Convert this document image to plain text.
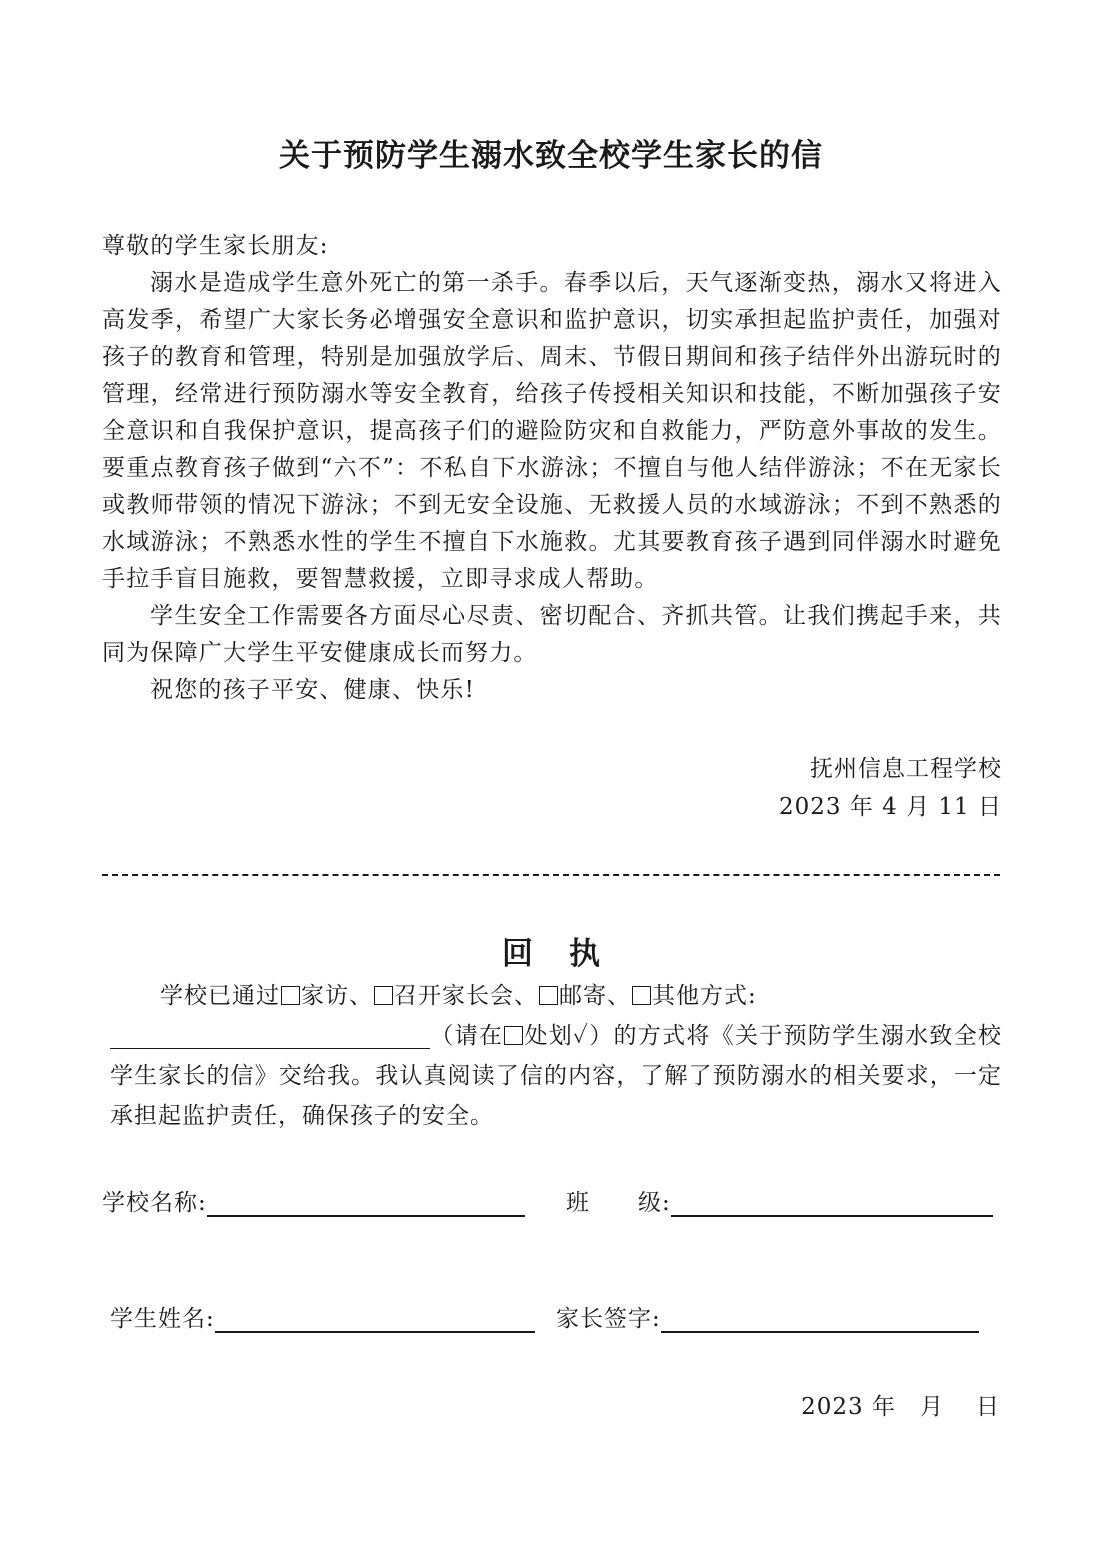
关于预防学生溺水致全校学生家长的信

尊敬的学生家长朋友:

溺水是造成学生意外死亡的第一杀手。春季以后，天气逐渐变热，溺水又将进入高发季，希望广大家长务必增强安全意识和监护意识，切实承担起监护责任，加强对孩子的教育和管理，特别是加强放学后、周末、节假日期间和孩子结伴外出游玩时的管理，经常进行预防溺水等安全教育，给孩子传授相关知识和技能，不断加强孩子安全意识和自我保护意识，提高孩子们的避险防灾和自救能力，严防意外事故的发生。要重点教育孩子做到“六不”：不私自下水游泳；不擅自与他人结伴游泳；不在无家长或教师带领的情况下游泳；不到无安全设施、无救援人员的水域游泳；不到不熟悉的水域游泳；不熟悉水性的学生不擅自下水施救。尤其要教育孩子遇到同伴溺水时避免手拉手盲目施救，要智慧救援，立即寻求成人帮助。

学生安全工作需要各方面尽心尽责、密切配合、齐抓共管。让我们携起手来，共同为保障广大学生平安健康成长而努力。

祝您的孩子平安、健康、快乐!

抚州信息工程学校
2023 年 4 月 11 日
回执

学校已通过 家访、 召开家长会、 邮寄、 其他方式:

（请在 处划✓）的方式将《关于预防学生溺水致全校学生家长的信》交给我。我认真阅读了信的内容，了解了预防溺水的相关要求，一定承担起监护责任，确保孩子的安全。

学校名称:	班　　级:
学生姓名:	家长签字:
2023 年 月 日
